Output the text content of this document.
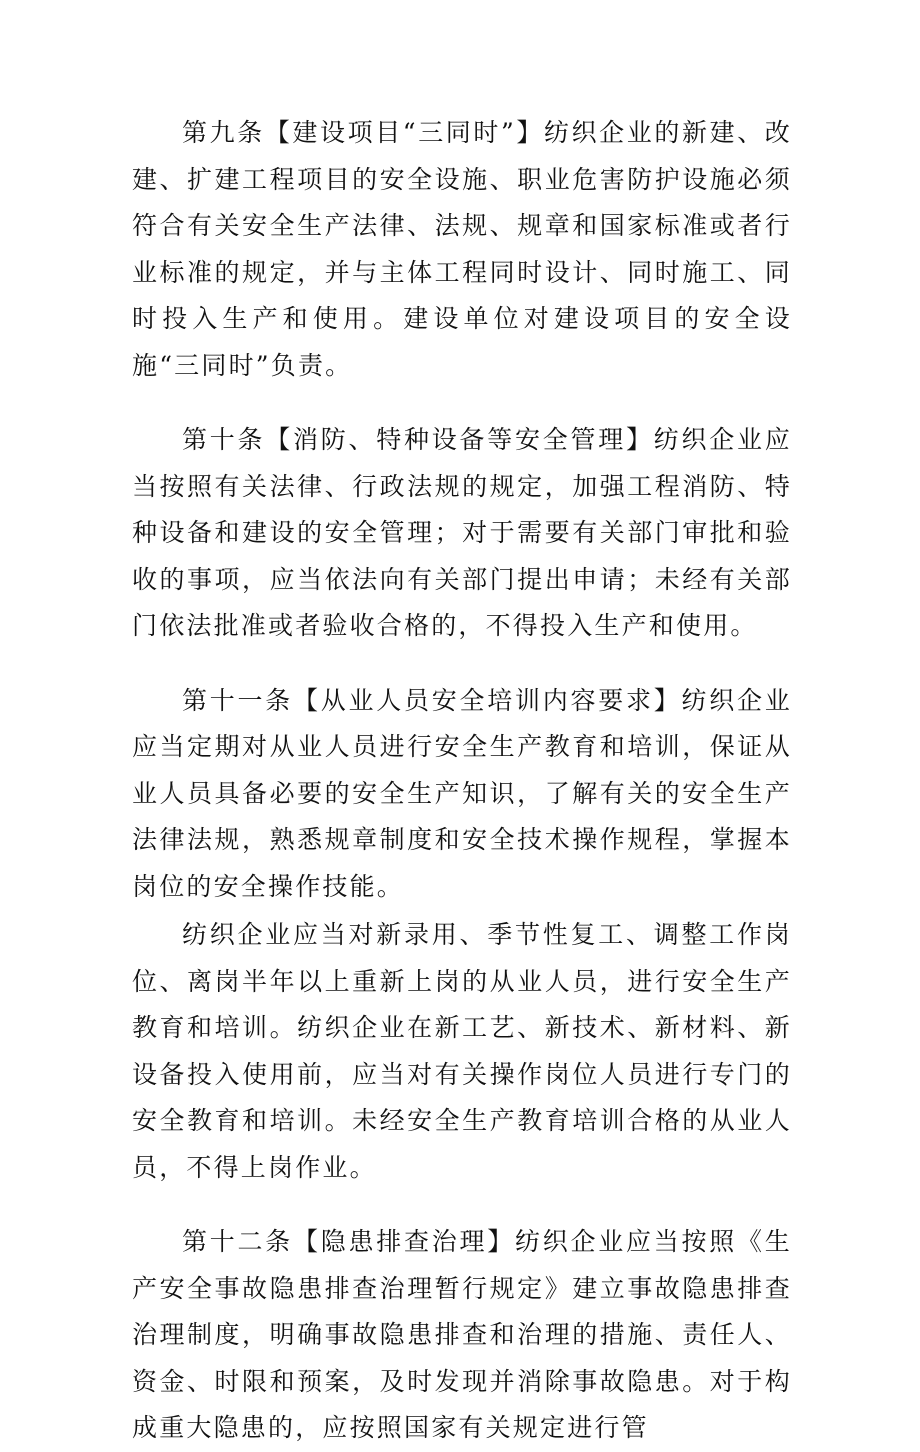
第九条【建设项目“三同时”】纺织企业的新建、改建、扩建工程项目的安全设施、职业危害防护设施必须符合有关安全生产法律、法规、规章和国家标准或者行业标准的规定，并与主体工程同时设计、同时施工、同时投入生产和使用。建设单位对建设项目的安全设施“三同时”负责。

第十条【消防、特种设备等安全管理】纺织企业应当按照有关法律、行政法规的规定，加强工程消防、特种设备和建设的安全管理；对于需要有关部门审批和验收的事项，应当依法向有关部门提出申请；未经有关部门依法批准或者验收合格的，不得投入生产和使用。

第十一条【从业人员安全培训内容要求】纺织企业应当定期对从业人员进行安全生产教育和培训，保证从业人员具备必要的安全生产知识，了解有关的安全生产法律法规，熟悉规章制度和安全技术操作规程，掌握本岗位的安全操作技能。

纺织企业应当对新录用、季节性复工、调整工作岗位、离岗半年以上重新上岗的从业人员，进行安全生产教育和培训。纺织企业在新工艺、新技术、新材料、新设备投入使用前，应当对有关操作岗位人员进行专门的安全教育和培训。未经安全生产教育培训合格的从业人员，不得上岗作业。

第十二条【隐患排查治理】纺织企业应当按照《生产安全事故隐患排查治理暂行规定》建立事故隐患排查治理制度，明确事故隐患排查和治理的措施、责任人、资金、时限和预案，及时发现并消除事故隐患。对于构成重大隐患的，应按照国家有关规定进行管
